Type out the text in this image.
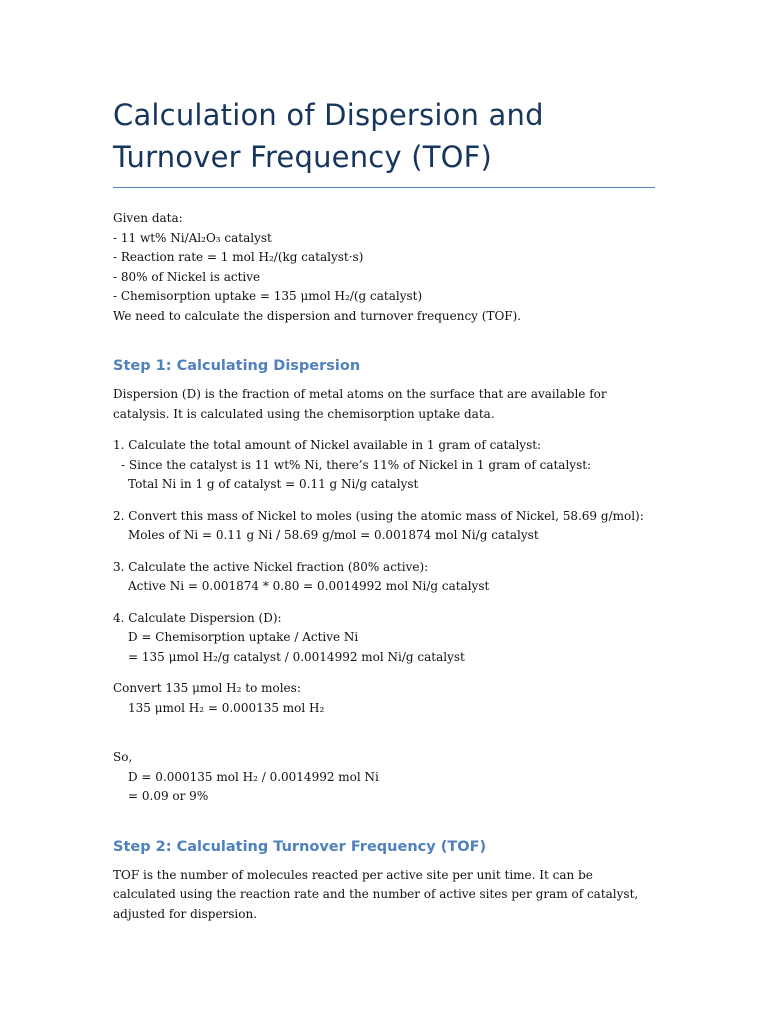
Calculation of Dispersion and Turnover Frequency (TOF)

Given data:

- 11 wt% Ni/Al₂O₃ catalyst

- Reaction rate = 1 mol H₂/(kg catalyst·s)

- 80% of Nickel is active

- Chemisorption uptake = 135 μmol H₂/(g catalyst)

We need to calculate the dispersion and turnover frequency (TOF).

Step 1: Calculating Dispersion

Dispersion (D) is the fraction of metal atoms on the surface that are available for catalysis. It is calculated using the chemisorption uptake data.

1. Calculate the total amount of Nickel available in 1 gram of catalyst:

- Since the catalyst is 11 wt% Ni, there’s 11% of Nickel in 1 gram of catalyst:

Total Ni in 1 g of catalyst = 0.11 g Ni/g catalyst

2. Convert this mass of Nickel to moles (using the atomic mass of Nickel, 58.69 g/mol):

Moles of Ni = 0.11 g Ni / 58.69 g/mol = 0.001874 mol Ni/g catalyst

3. Calculate the active Nickel fraction (80% active):

Active Ni = 0.001874 * 0.80 = 0.0014992 mol Ni/g catalyst

4. Calculate Dispersion (D):

D = Chemisorption uptake / Active Ni

= 135 μmol H₂/g catalyst / 0.0014992 mol Ni/g catalyst

Convert 135 μmol H₂ to moles:

135 μmol H₂ = 0.000135 mol H₂

So,

D = 0.000135 mol H₂ / 0.0014992 mol Ni

= 0.09 or 9%

Step 2: Calculating Turnover Frequency (TOF)

TOF is the number of molecules reacted per active site per unit time. It can be calculated using the reaction rate and the number of active sites per gram of catalyst, adjusted for dispersion.
